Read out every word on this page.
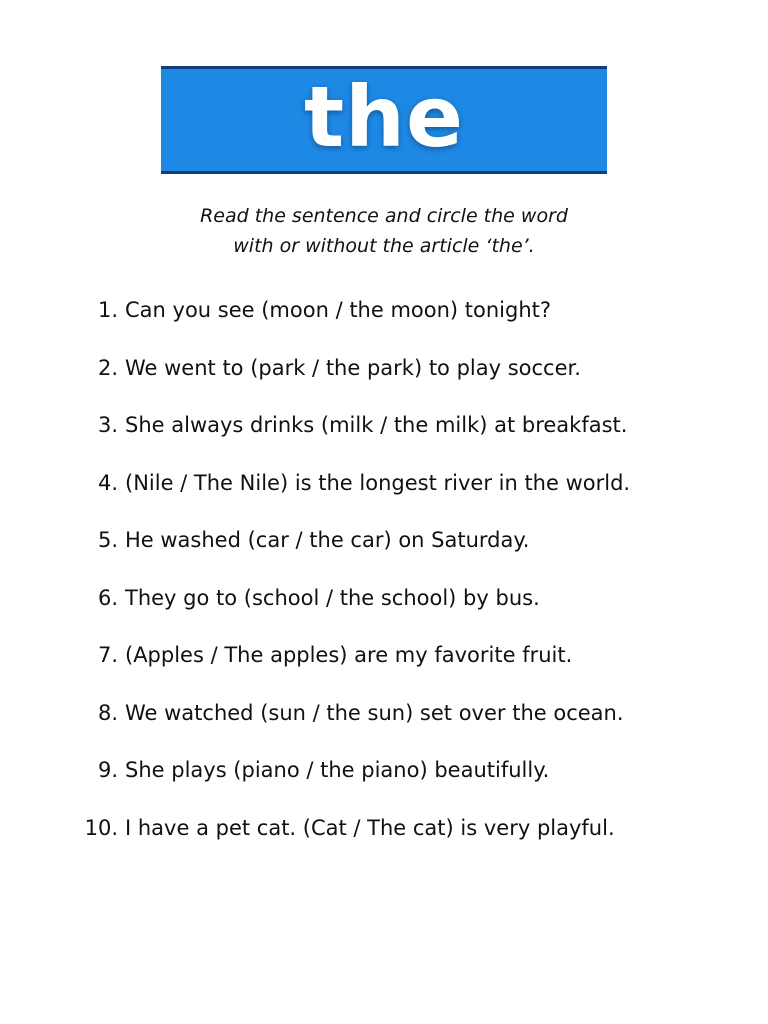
the
Read the sentence and circle the word
with or without the article ‘the’.
1. Can you see (moon / the moon) tonight?
2. We went to (park / the park) to play soccer.
3. She always drinks (milk / the milk) at breakfast.
4. (Nile / The Nile) is the longest river in the world.
5. He washed (car / the car) on Saturday.
6. They go to (school / the school) by bus.
7. (Apples / The apples) are my favorite fruit.
8. We watched (sun / the sun) set over the ocean.
9. She plays (piano / the piano) beautifully.
10. I have a pet cat. (Cat / The cat) is very playful.
